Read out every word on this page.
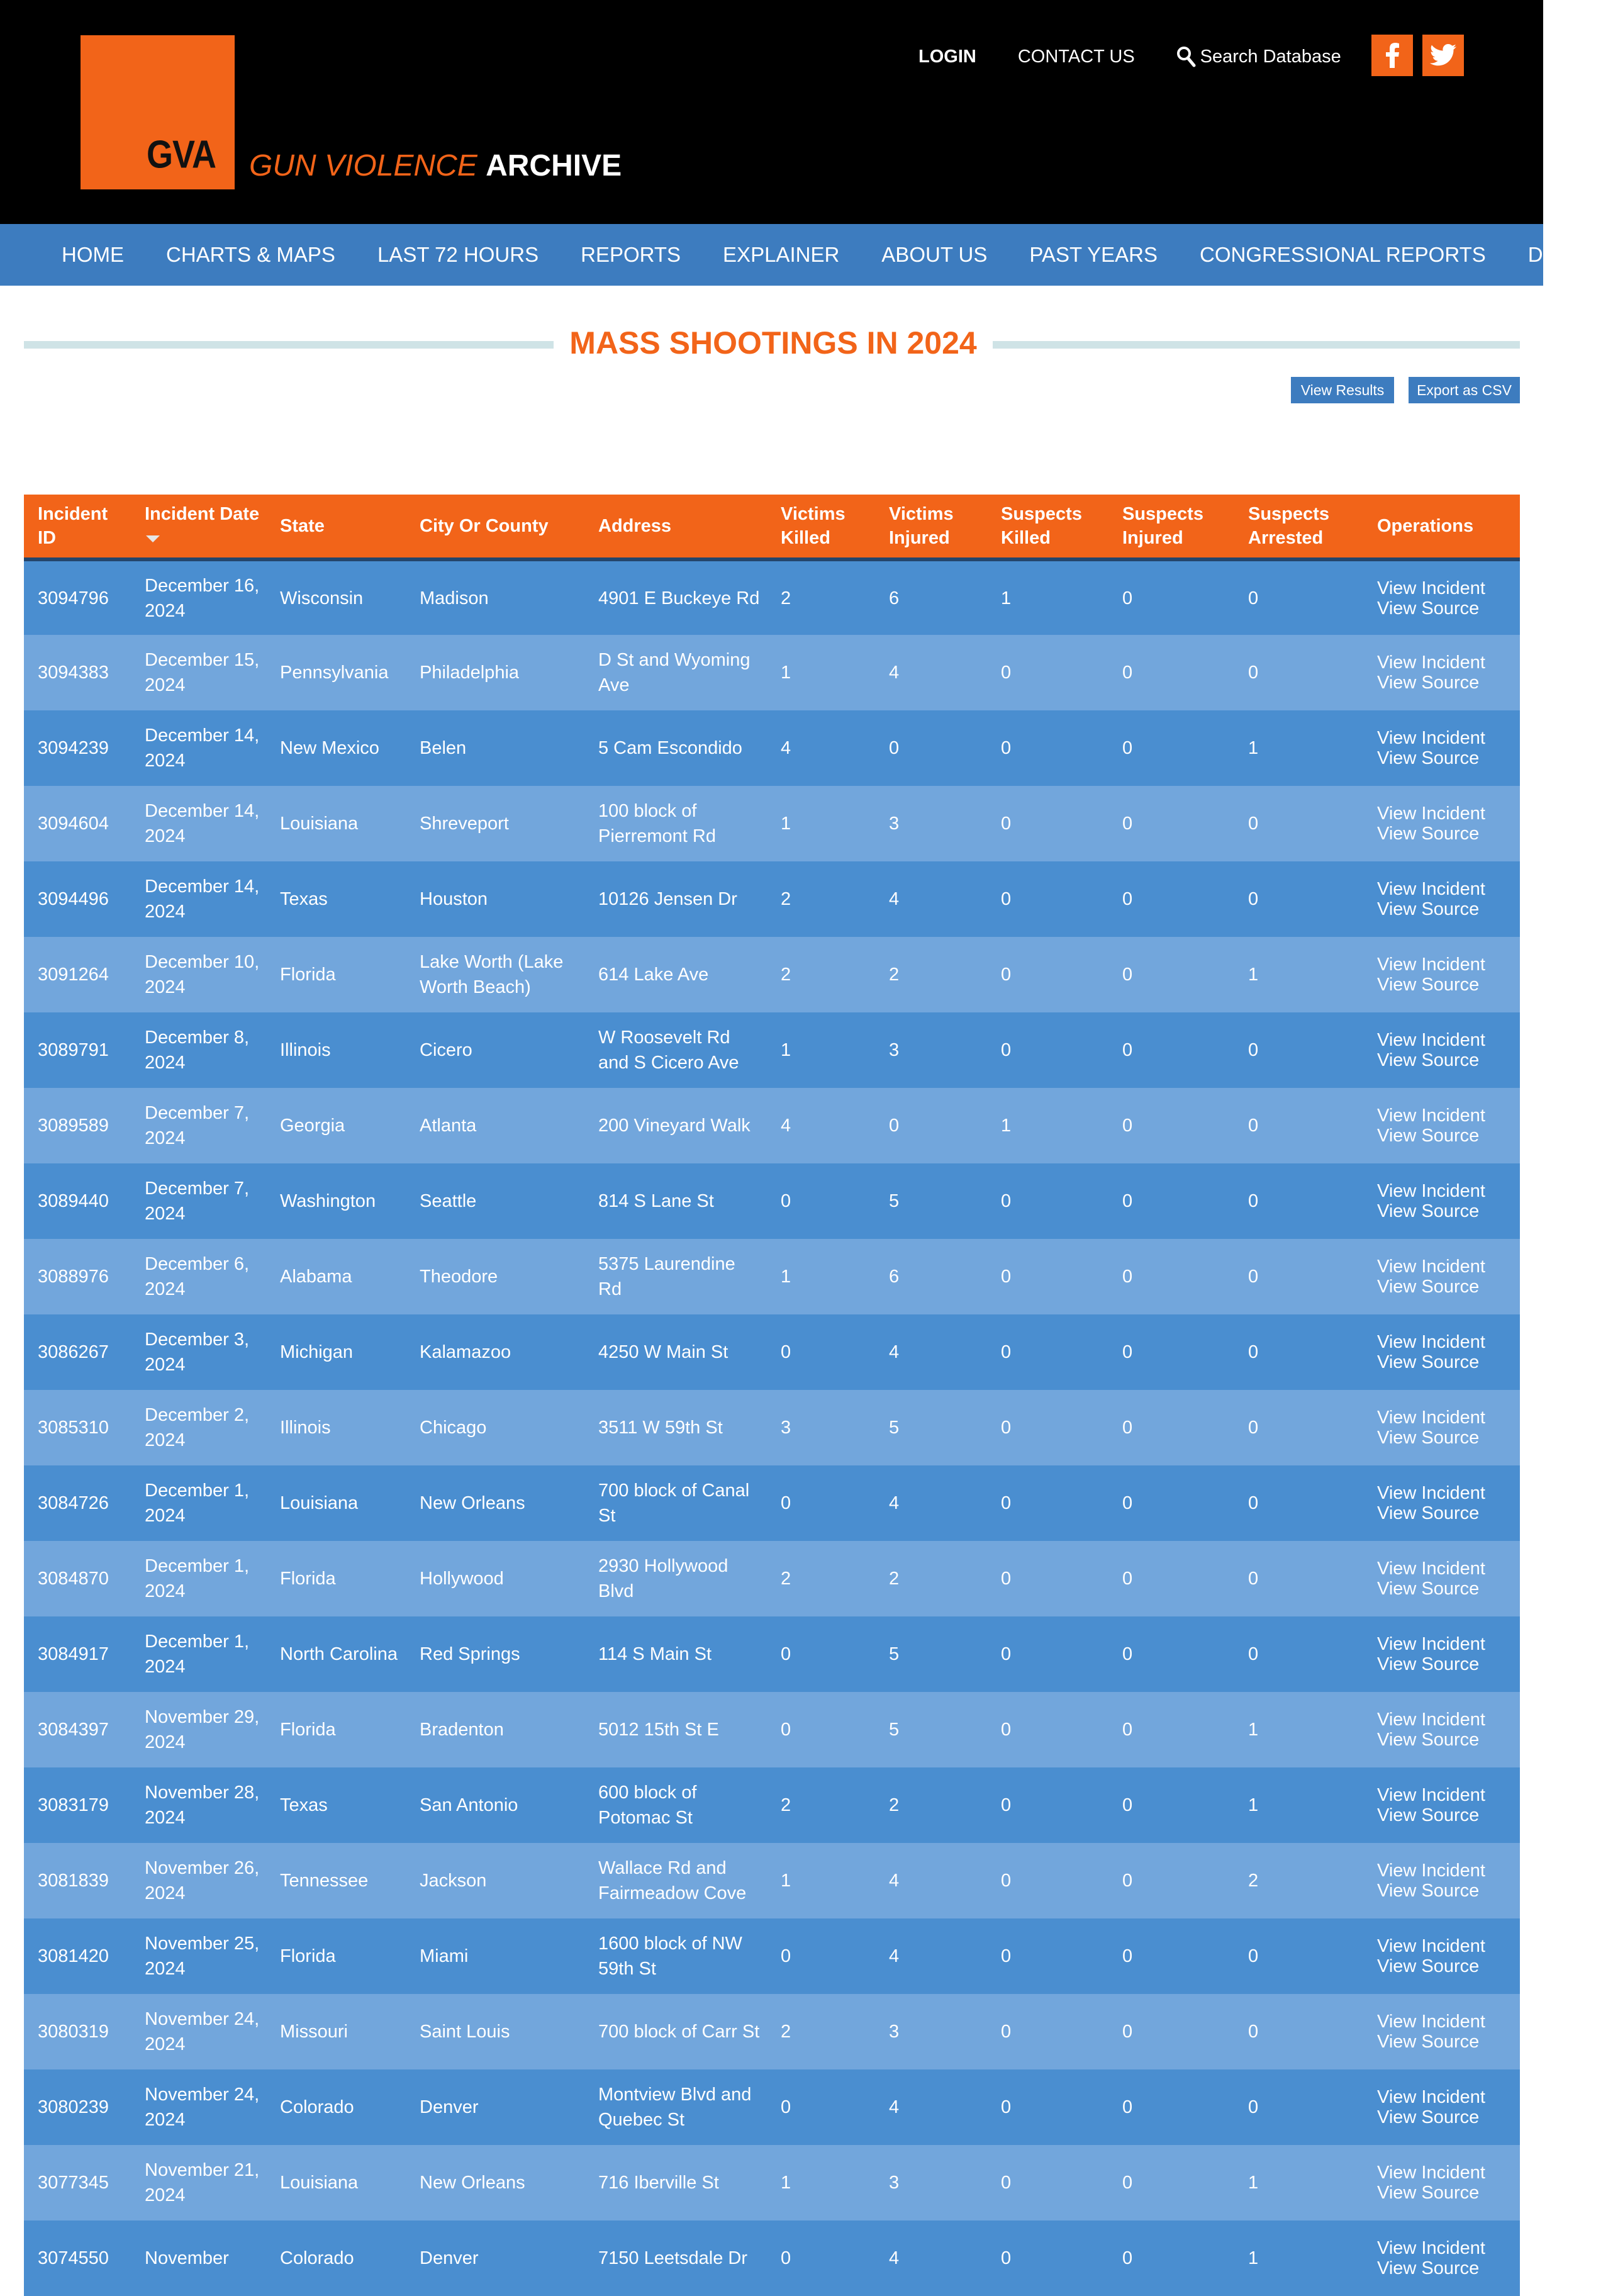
GVA GUN VIOLENCE ARCHIVE
LOGIN CONTACT US	Search Database
HOME CHARTS & MAPS LAST 72 HOURS REPORTS EXPLAINER ABOUT US PAST YEARS CONGRESSIONAL REPORTS DONATE
MASS SHOOTINGS IN 2024
View Results	Export as CSV
Incident ID	Incident Date	State	City Or County	Address	Victims Killed	Victims Injured	Suspects Killed	Suspects Injured	Suspects Arrested	Operations
3094796	December 16, 2024	Wisconsin	Madison	4901 E Buckeye Rd	2	6	1	0	0	View Incident
View Source

3094383	December 15, 2024	Pennsylvania	Philadelphia	D St and Wyoming Ave	1	4	0	0	0	View Incident
View Source

3094239	December 14, 2024	New Mexico	Belen	5 Cam Escondido	4	0	0	0	1	View Incident
View Source

3094604	December 14, 2024	Louisiana	Shreveport	100 block of Pierremont Rd	1	3	0	0	0	View Incident
View Source

3094496	December 14, 2024	Texas	Houston	10126 Jensen Dr	2	4	0	0	0	View Incident
View Source

3091264	December 10, 2024	Florida	Lake Worth (Lake Worth Beach)	614 Lake Ave	2	2	0	0	1	View Incident
View Source

3089791	December 8, 2024	Illinois	Cicero	W Roosevelt Rd and S Cicero Ave	1	3	0	0	0	View Incident
View Source

3089589	December 7, 2024	Georgia	Atlanta	200 Vineyard Walk	4	0	1	0	0	View Incident
View Source

3089440	December 7, 2024	Washington	Seattle	814 S Lane St	0	5	0	0	0	View Incident
View Source

3088976	December 6, 2024	Alabama	Theodore	5375 Laurendine Rd	1	6	0	0	0	View Incident
View Source

3086267	December 3, 2024	Michigan	Kalamazoo	4250 W Main St	0	4	0	0	0	View Incident
View Source

3085310	December 2, 2024	Illinois	Chicago	3511 W 59th St	3	5	0	0	0	View Incident
View Source

3084726	December 1, 2024	Louisiana	New Orleans	700 block of Canal St	0	4	0	0	0	View Incident
View Source

3084870	December 1, 2024	Florida	Hollywood	2930 Hollywood Blvd	2	2	0	0	0	View Incident
View Source

3084917	December 1, 2024	North Carolina	Red Springs	114 S Main St	0	5	0	0	0	View Incident
View Source

3084397	November 29, 2024	Florida	Bradenton	5012 15th St E	0	5	0	0	1	View Incident
View Source

3083179	November 28, 2024	Texas	San Antonio	600 block of Potomac St	2	2	0	0	1	View Incident
View Source

3081839	November 26, 2024	Tennessee	Jackson	Wallace Rd and Fairmeadow Cove	1	4	0	0	2	View Incident
View Source

3081420	November 25, 2024	Florida	Miami	1600 block of NW 59th St	0	4	0	0	0	View Incident
View Source

3080319	November 24, 2024	Missouri	Saint Louis	700 block of Carr St	2	3	0	0	0	View Incident
View Source

3080239	November 24, 2024	Colorado	Denver	Montview Blvd and Quebec St	0	4	0	0	0	View Incident
View Source

3077345	November 21, 2024	Louisiana	New Orleans	716 Iberville St	1	3	0	0	1	View Incident
View Source

3074550	November	Colorado	Denver	7150 Leetsdale Dr	0	4	0	0	1	View Incident
View Source
